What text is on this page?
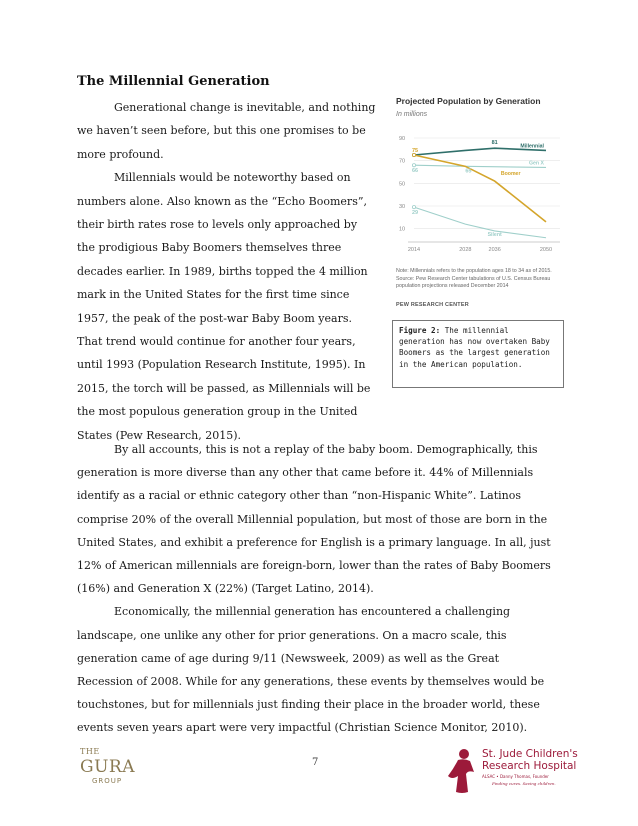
The Millennial Generation

Generational change is inevitable, and nothing we haven’t seen before, but this one promises to be more profound.

Millennials would be noteworthy based on numbers alone. Also known as the “Echo Boomers”, their birth rates rose to levels only approached by the prodigious Baby Boomers themselves three decades earlier. In 1989, births topped the 4 million mark in the United States for the first time since 1957, the peak of the post-war Baby Boom years. That trend would continue for another four years, until 1993 (Population Research Institute, 1995). In 2015, the torch will be passed, as Millennials will be the most populous generation group in the United States (Pew Research, 2015).

10
30
50
70
90
2014	2028	2036	2050
Millennial
Gen X
Boomer
Silent
81
75
66	65
29
Projected Population by Generation
In millions
Note: Millennials refers to the population ages 18 to 34 as of 2015.
Source: Pew Research Center tabulations of U.S. Census Bureau population projections released December 2014
PEW RESEARCH CENTER
Figure 2: The millennial generation has now overtaken Baby Boomers as the largest generation in the American population.

By all accounts, this is not a replay of the baby boom. Demographically, this generation is more diverse than any other that came before it. 44% of Millennials identify as a racial or ethnic category other than “non-Hispanic White”. Latinos comprise 20% of the overall Millennial population, but most of those are born in the United States, and exhibit a preference for English is a primary language. In all, just 12% of American millennials are foreign-born, lower than the rates of Baby Boomers (16%) and Generation X (22%) (Target Latino, 2014).

Economically, the millennial generation has encountered a challenging landscape, one unlike any other for prior generations. On a macro scale, this generation came of age during 9/11 (Newsweek, 2009) as well as the Great Recession of 2008. While for any generations, these events by themselves would be touchstones, but for millennials just finding their place in the broader world, these events seven years apart were very impactful (Christian Science Monitor, 2010).

7
THE
GURA
GROUP
St. Jude Children's
Research Hospital
ALSAC • Danny Thomas, Founder
Finding cures. Saving children.
